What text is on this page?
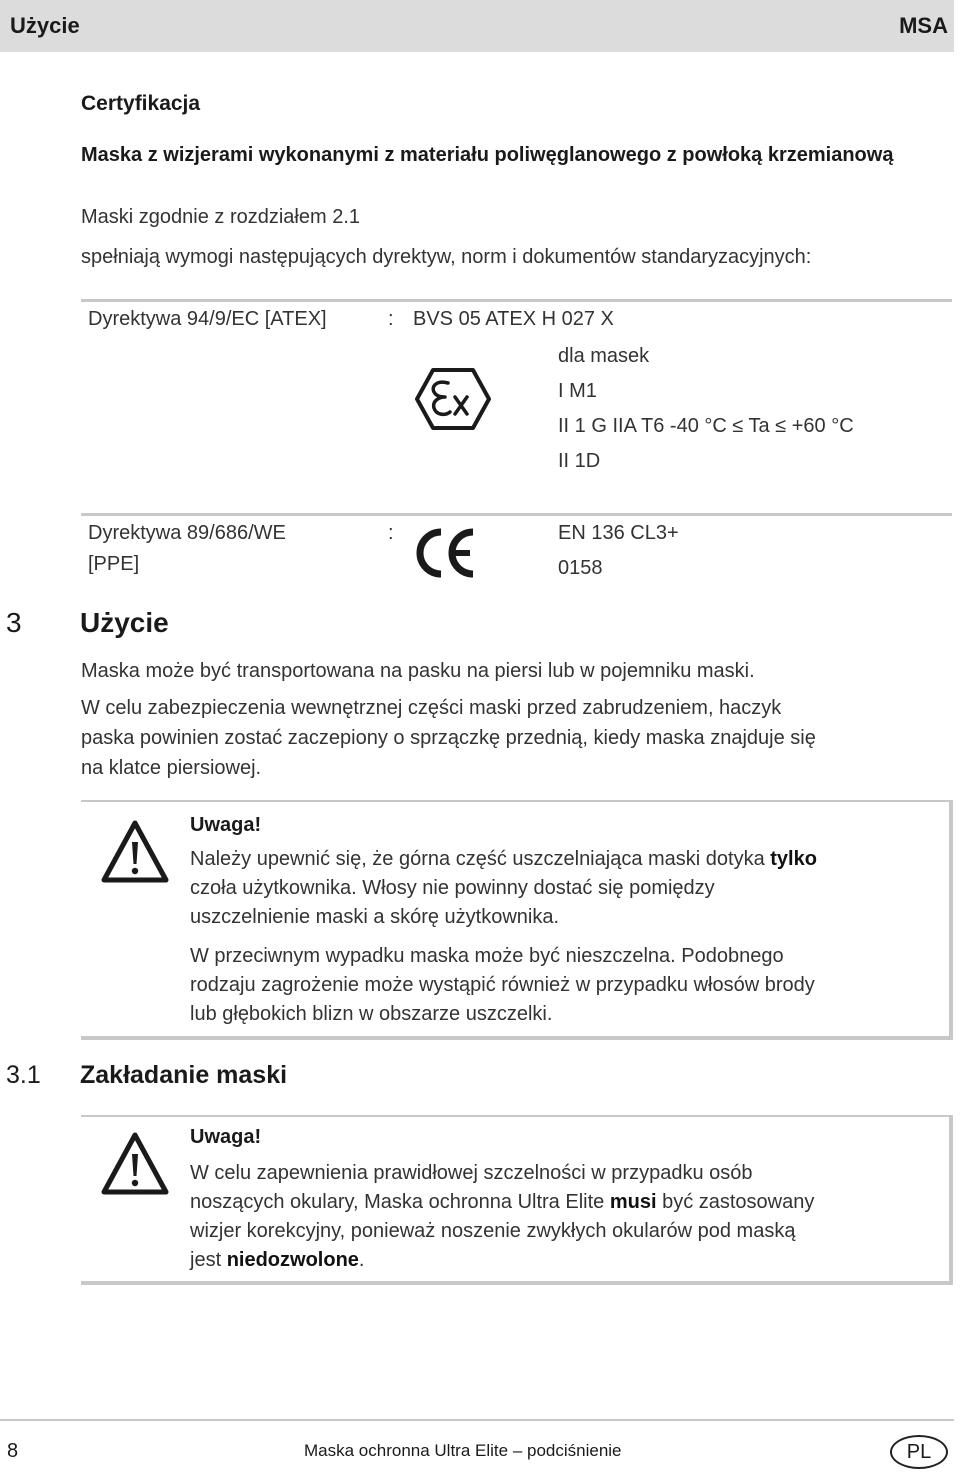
Użycie	MSA
Certyfikacja
Maska z wizjerami wykonanymi z materiału poliwęglanowego z powłoką krzemianową
Maski zgodnie z rozdziałem 2.1
spełniają wymogi następujących dyrektyw, norm i dokumentów standaryzacyjnych:
Dyrektywa 94/9/EC [ATEX]	: BVS 05 ATEX H 027 X
dla masek
I M1
II 1 G IIA T6 -40 °C ≤ Ta ≤ +60 °C
II 1D
Dyrektywa 89/686/WE
[PPE]
:	EN 136 CL3+
0158
3 Użycie
Maska może być transportowana na pasku na piersi lub w pojemniku maski.
W celu zabezpieczenia wewnętrznej części maski przed zabrudzeniem, haczyk
paska powinien zostać zaczepiony o sprzączkę przednią, kiedy maska znajduje się
na klatce piersiowej.
Uwaga!
Należy upewnić się, że górna część uszczelniająca maski dotyka tylko
czoła użytkownika. Włosy nie powinny dostać się pomiędzy
uszczelnienie maski a skórę użytkownika.
W przeciwnym wypadku maska może być nieszczelna. Podobnego
rodzaju zagrożenie może wystąpić również w przypadku włosów brody
lub głębokich blizn w obszarze uszczelki.
3.1 Zakładanie maski
Uwaga!
W celu zapewnienia prawidłowej szczelności w przypadku osób
noszących okulary, Maska ochronna Ultra Elite musi być zastosowany
wizjer korekcyjny, ponieważ noszenie zwykłych okularów pod maską
jest niedozwolone.
8	Maska ochronna Ultra Elite – podciśnienie	PL
